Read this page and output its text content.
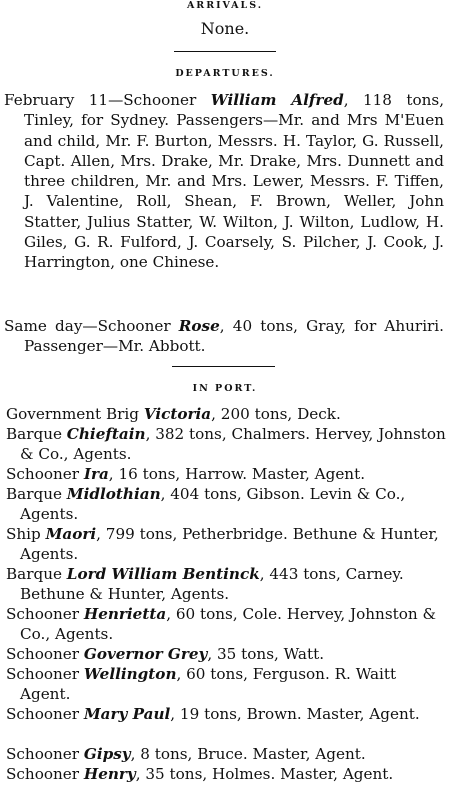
ARRIVALS.
None.
DEPARTURES.

February 11—Schooner William Alfred, 118 tons, Tinley, for Sydney. Passengers—Mr. and Mrs M'Euen and child, Mr. F. Burton, Messrs. H. Taylor, G. Russell, Capt. Allen, Mrs. Drake, Mr. Drake, Mrs. Dunnett and three children, Mr. and Mrs. Lewer, Messrs. F. Tiffen, J. Valentine, Roll, Shean, F. Brown, Weller, John Statter, Julius Statter, W. Wilton, J. Wilton, Ludlow, H. Giles, G. R. Fulford, J. Coarsely, S. Pilcher, J. Cook, J. Harrington, one Chinese.

Same day—Schooner Rose, 40 tons, Gray, for Ahuriri. Passenger—Mr. Abbott.

IN PORT.

Government Brig Victoria, 200 tons, Deck.

Barque Chieftain, 382 tons, Chalmers. Hervey, Johnston & Co., Agents.

Schooner Ira, 16 tons, Harrow. Master, Agent.

Barque Midlothian, 404 tons, Gibson. Levin & Co., Agents.

Ship Maori, 799 tons, Petherbridge. Bethune & Hunter, Agents.

Barque Lord William Bentinck, 443 tons, Carney. Bethune & Hunter, Agents.

Schooner Henrietta, 60 tons, Cole. Hervey, Johnston & Co., Agents.

Schooner Governor Grey, 35 tons, Watt.

Schooner Wellington, 60 tons, Ferguson. R. Waitt Agent.

Schooner Mary Paul, 19 tons, Brown. Master, Agent.

Schooner Gipsy, 8 tons, Bruce. Master, Agent.

Schooner Henry, 35 tons, Holmes. Master, Agent.
